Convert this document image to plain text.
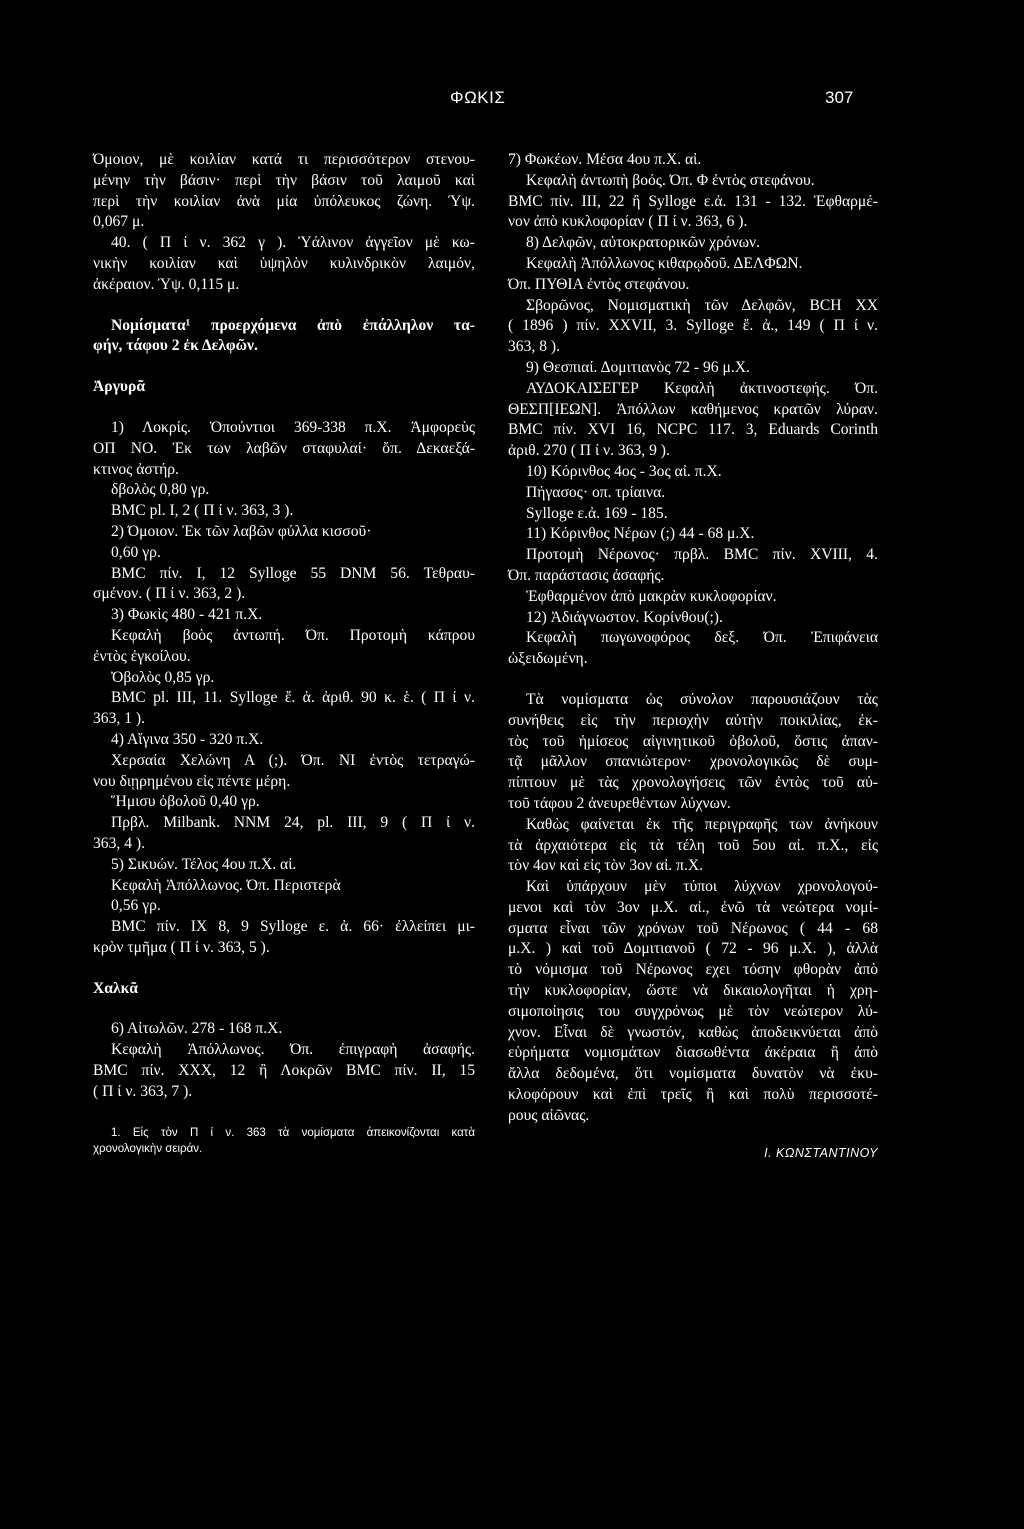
ΦΩΚΙΣ	307
Όμοιον, μὲ κοιλίαν κατά τι περισσότερον στενου-
μένην τὴν βάσιν· περὶ τὴν βάσιν τοῦ λαιμοῦ καὶ
περὶ τὴν κοιλίαν ἀνὰ μία ὑπόλευκος ζώνη. Ύψ.
0,067 μ.
40. ( Π ί ν. 362 γ ). Ὑάλινον ἀγγεῖον μὲ κω-
νικὴν κοιλίαν καὶ ὑψηλὸν κυλινδρικὸν λαιμόν,
ἀκέραιον. Ύψ. 0,115 μ.
Νομίσματα¹ προερχόμενα ἀπὸ ἐπάλληλον τα-
φήν, τάφου 2 ἐκ Δελφῶν.
Ἀργυρᾶ
1) Λοκρίς. Ὀπούντιοι 369-338 π.Χ. Ἀμφορεὺς
ΟΠ ΝΟ. Ἐκ των λαβῶν σταφυλαί· ὄπ. Δεκαεξά-
κτινος ἀστήρ.
δβολὸς 0,80 γρ.
BMC pl. I, 2 ( Π ί ν. 363, 3 ).
2) Όμοιον. Ἐκ τῶν λαβῶν φύλλα κισσοῦ·
0,60 γρ.
BMC πίν. I, 12 Sylloge 55 DNM 56. Τεθραυ-
σμένον. ( Π ί ν. 363, 2 ).
3) Φωκὶς 480 - 421 π.Χ.
Κεφαλὴ βοὸς ἀντωπή. Όπ. Προτομὴ κάπρου
ἐντὸς ἐγκοίλου.
Ὀβολὸς 0,85 γρ.
BMC pl. III, 11. Sylloge ἔ. ἀ. ἀριθ. 90 κ. ἑ. ( Π ί ν.
363, 1 ).
4) Αἴγινα 350 - 320 π.Χ.
Χερσαία Χελώνη Α (;). Όπ. ΝΙ ἐντὸς τετραγώ-
νου διῃρημένου εἰς πέντε μέρη.
Ἥμισυ ὀβολοῦ 0,40 γρ.
Πρβλ. Milbank. NNM 24, pl. III, 9 ( Π ί ν.
363, 4 ).
5) Σικυών. Τέλος 4ου π.Χ. αἰ.
Κεφαλὴ Ἀπόλλωνος. Όπ. Περιστερὰ
0,56 γρ.
BMC πίν. IX 8, 9 Sylloge ε. ἀ. 66· ἐλλείπει μι-
κρὸν τμῆμα ( Π ί ν. 363, 5 ).
Χαλκᾶ
6) Αἰτωλῶν. 278 - 168 π.Χ.
Κεφαλὴ Ἀπόλλωνος. Όπ. ἐπιγραφὴ ἀσαφής.
BMC πίν. XXX, 12 ἢ Λοκρῶν BMC πίν. II, 15
( Π ί ν. 363, 7 ).
1. Εἰς τὸν Π ί ν. 363 τὰ νομίσματα ἀπεικονίζονται κατὰ
χρονολογικὴν σειράν.
7) Φωκέων. Μέσα 4ου π.Χ. αἰ.
Κεφαλὴ ἀντωπὴ βοός. Όπ. Φ ἐντὸς στεφάνου.
BMC πίν. III, 22 ἢ Sylloge ε.ἀ. 131 - 132. Ἐφθαρμέ-
νον ἀπὸ κυκλοφορίαν ( Π ί ν. 363, 6 ).
8) Δελφῶν, αὐτοκρατορικῶν χρόνων.
Κεφαλὴ Ἀπόλλωνος κιθαρῳδοῦ. ΔΕΛΦΩΝ.
Όπ. ΠΥΘΙΑ ἐντὸς στεφάνου.
Σβορῶνος, Νομισματικὴ τῶν Δελφῶν, BCH XX
( 1896 ) πίν. XXVII, 3. Sylloge ἔ. ἀ., 149 ( Π ί ν.
363, 8 ).
9) Θεσπιαί. Δομιτιανὸς 72 - 96 μ.Χ.
ΑΥΔΟΚΑΙΣΕΓΕΡ Κεφαλὴ ἀκτινοστεφής. Όπ.
ΘΕΣΠ[ΙΕΩΝ]. Ἀπόλλων καθήμενος κρατῶν λύραν.
BMC πίν. XVI 16, NCPC 117. 3, Eduards Corinth
ἀριθ. 270 ( Π ί ν. 363, 9 ).
10) Κόρινθος 4ος - 3ος αἰ. π.Χ.
Πήγασος· οπ. τρίαινα.
Sylloge ε.ἀ. 169 - 185.
11) Κόρινθος Νέρων (;) 44 - 68 μ.Χ.
Προτομὴ Νέρωνος· πρβλ. BMC πίν. XVIII, 4.
Όπ. παράστασις ἀσαφής.
Ἐφθαρμένον ἀπὸ μακρὰν κυκλοφορίαν.
12) Ἀδιάγνωστον. Κορίνθου(;).
Κεφαλὴ πωγωνοφόρος δεξ. Όπ. Ἐπιφάνεια
ὠξειδωμένη.
Τὰ νομίσματα ὡς σύνολον παρουσιάζουν τὰς
συνήθεις εἰς τὴν περιοχὴν αὐτὴν ποικιλίας, ἐκ-
τὸς τοῦ ἡμίσεος αἰγινητικοῦ ὀβολοῦ, ὅστις ἀπαν-
τᾷ μᾶλλον σπανιώτερον· χρονολογικῶς δὲ συμ-
πίπτουν μὲ τὰς χρονολογήσεις τῶν ἐντὸς τοῦ αὐ-
τοῦ τάφου 2 ἀνευρεθέντων λύχνων.
Καθὼς φαίνεται ἐκ τῆς περιγραφῆς των ἀνήκουν
τὰ ἀρχαιότερα εἰς τὰ τέλη τοῦ 5ου αἰ. π.Χ., εἰς
τὸν 4ον καὶ εἰς τὸν 3ον αἰ. π.Χ.
Καὶ ὑπάρχουν μὲν τύποι λύχνων χρονολογού-
μενοι καὶ τὸν 3ον μ.Χ. αἰ., ἐνῶ τὰ νεώτερα νομί-
σματα εἶναι τῶν χρόνων τοῦ Νέρωνος ( 44 - 68
μ.Χ. ) καὶ τοῦ Δομιτιανοῦ ( 72 - 96 μ.Χ. ), ἀλλὰ
τὸ νόμισμα τοῦ Νέρωνος εχει τόσην φθορὰν ἀπὸ
τὴν κυκλοφορίαν, ὥστε νὰ δικαιολογῆται ἡ χρη-
σιμοποίησις του συγχρόνως μὲ τὸν νεώτερον λύ-
χνον. Εἶναι δὲ γνωστόν, καθὼς ἀποδεικνύεται ἀπὸ
εὑρήματα νομισμάτων διασωθέντα ἀκέραια ἢ ἀπὸ
ἄλλα δεδομένα, ὅτι νομίσματα δυνατὸν νὰ ἐκυ-
κλοφόρουν καὶ ἐπὶ τρεῖς ἢ καὶ πολὺ περισσοτέ-
ρους αἰῶνας.
Ι. ΚΩΝΣΤΑΝΤΙΝΟΥ
